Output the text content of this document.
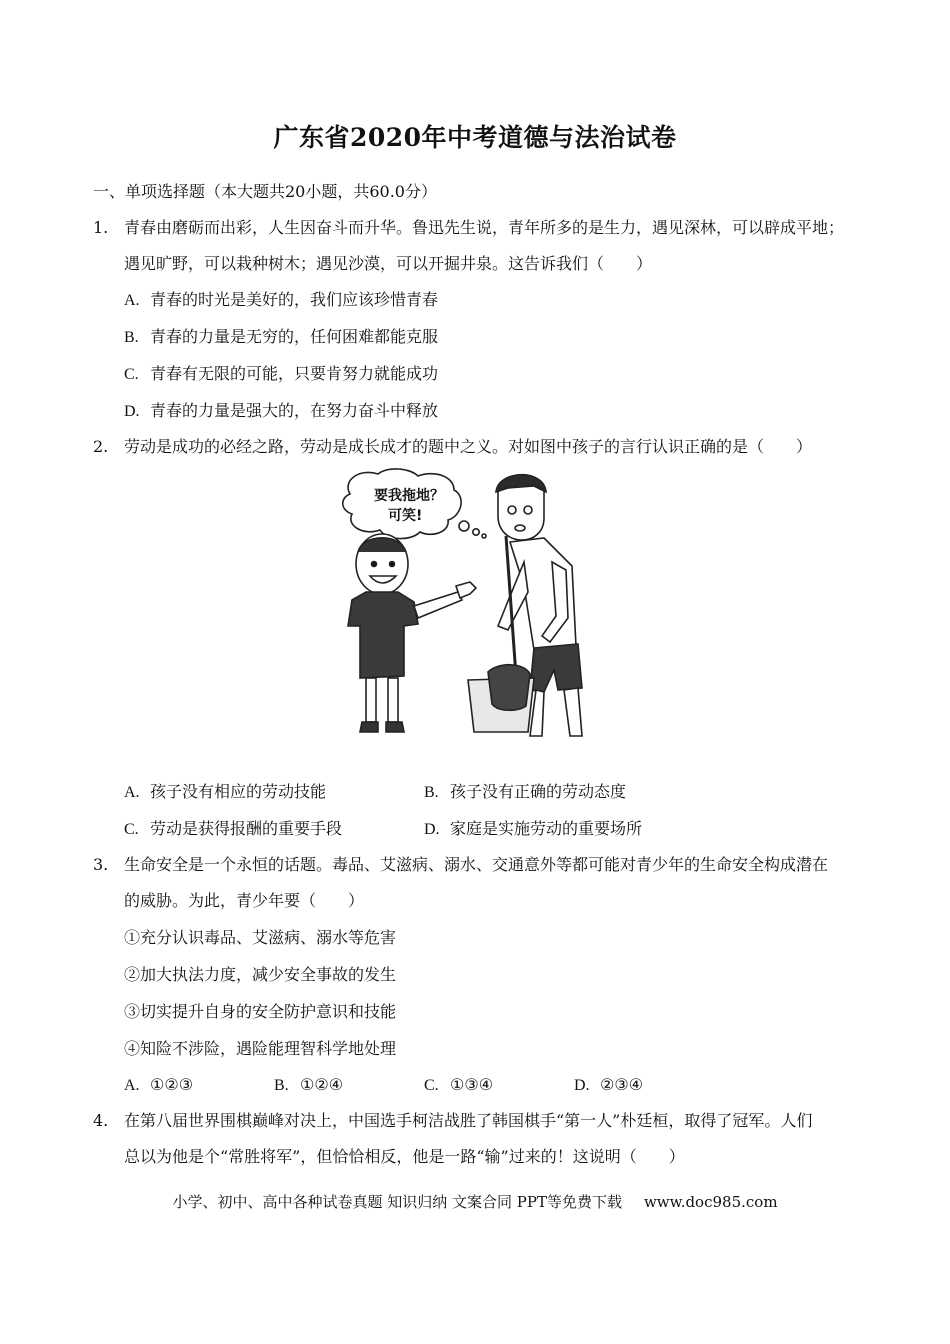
广东省2020年中考道德与法治试卷
一、单项选择题（本大题共20小题，共60.0分）
1. 青春由磨砺而出彩，人生因奋斗而升华。鲁迅先生说，青年所多的是生力，遇见深林，可以辟成平地；
遇见旷野，可以栽种树木；遇见沙漠，可以开掘井泉。这告诉我们（　　）
A. 青春的时光是美好的，我们应该珍惜青春
B. 青春的力量是无穷的，任何困难都能克服
C. 青春有无限的可能，只要肯努力就能成功
D. 青春的力量是强大的，在努力奋斗中释放
2. 劳动是成功的必经之路，劳动是成长成才的题中之义。对如图中孩子的言行认识正确的是（　　）
要我拖地？
可笑!
A. 孩子没有相应的劳动技能	B. 孩子没有正确的劳动态度
C. 劳动是获得报酬的重要手段	D. 家庭是实施劳动的重要场所
3. 生命安全是一个永恒的话题。毒品、艾滋病、溺水、交通意外等都可能对青少年的生命安全构成潜在
的威胁。为此，青少年要（　　）
①充分认识毒品、艾滋病、溺水等危害
②加大执法力度，减少安全事故的发生
③切实提升自身的安全防护意识和技能
④知险不涉险，遇险能理智科学地处理
A. ①②③	B. ①②④	C. ①③④	D. ②③④
4. 在第八届世界围棋巅峰对决上，中国选手柯洁战胜了韩国棋手“第一人”朴廷桓，取得了冠军。人们
总以为他是个“常胜将军”，但恰恰相反，他是一路“输”过来的！这说明（　　）
小学、初中、高中各种试卷真题 知识归纳 文案合同 PPT等免费下载 www.doc985.com
